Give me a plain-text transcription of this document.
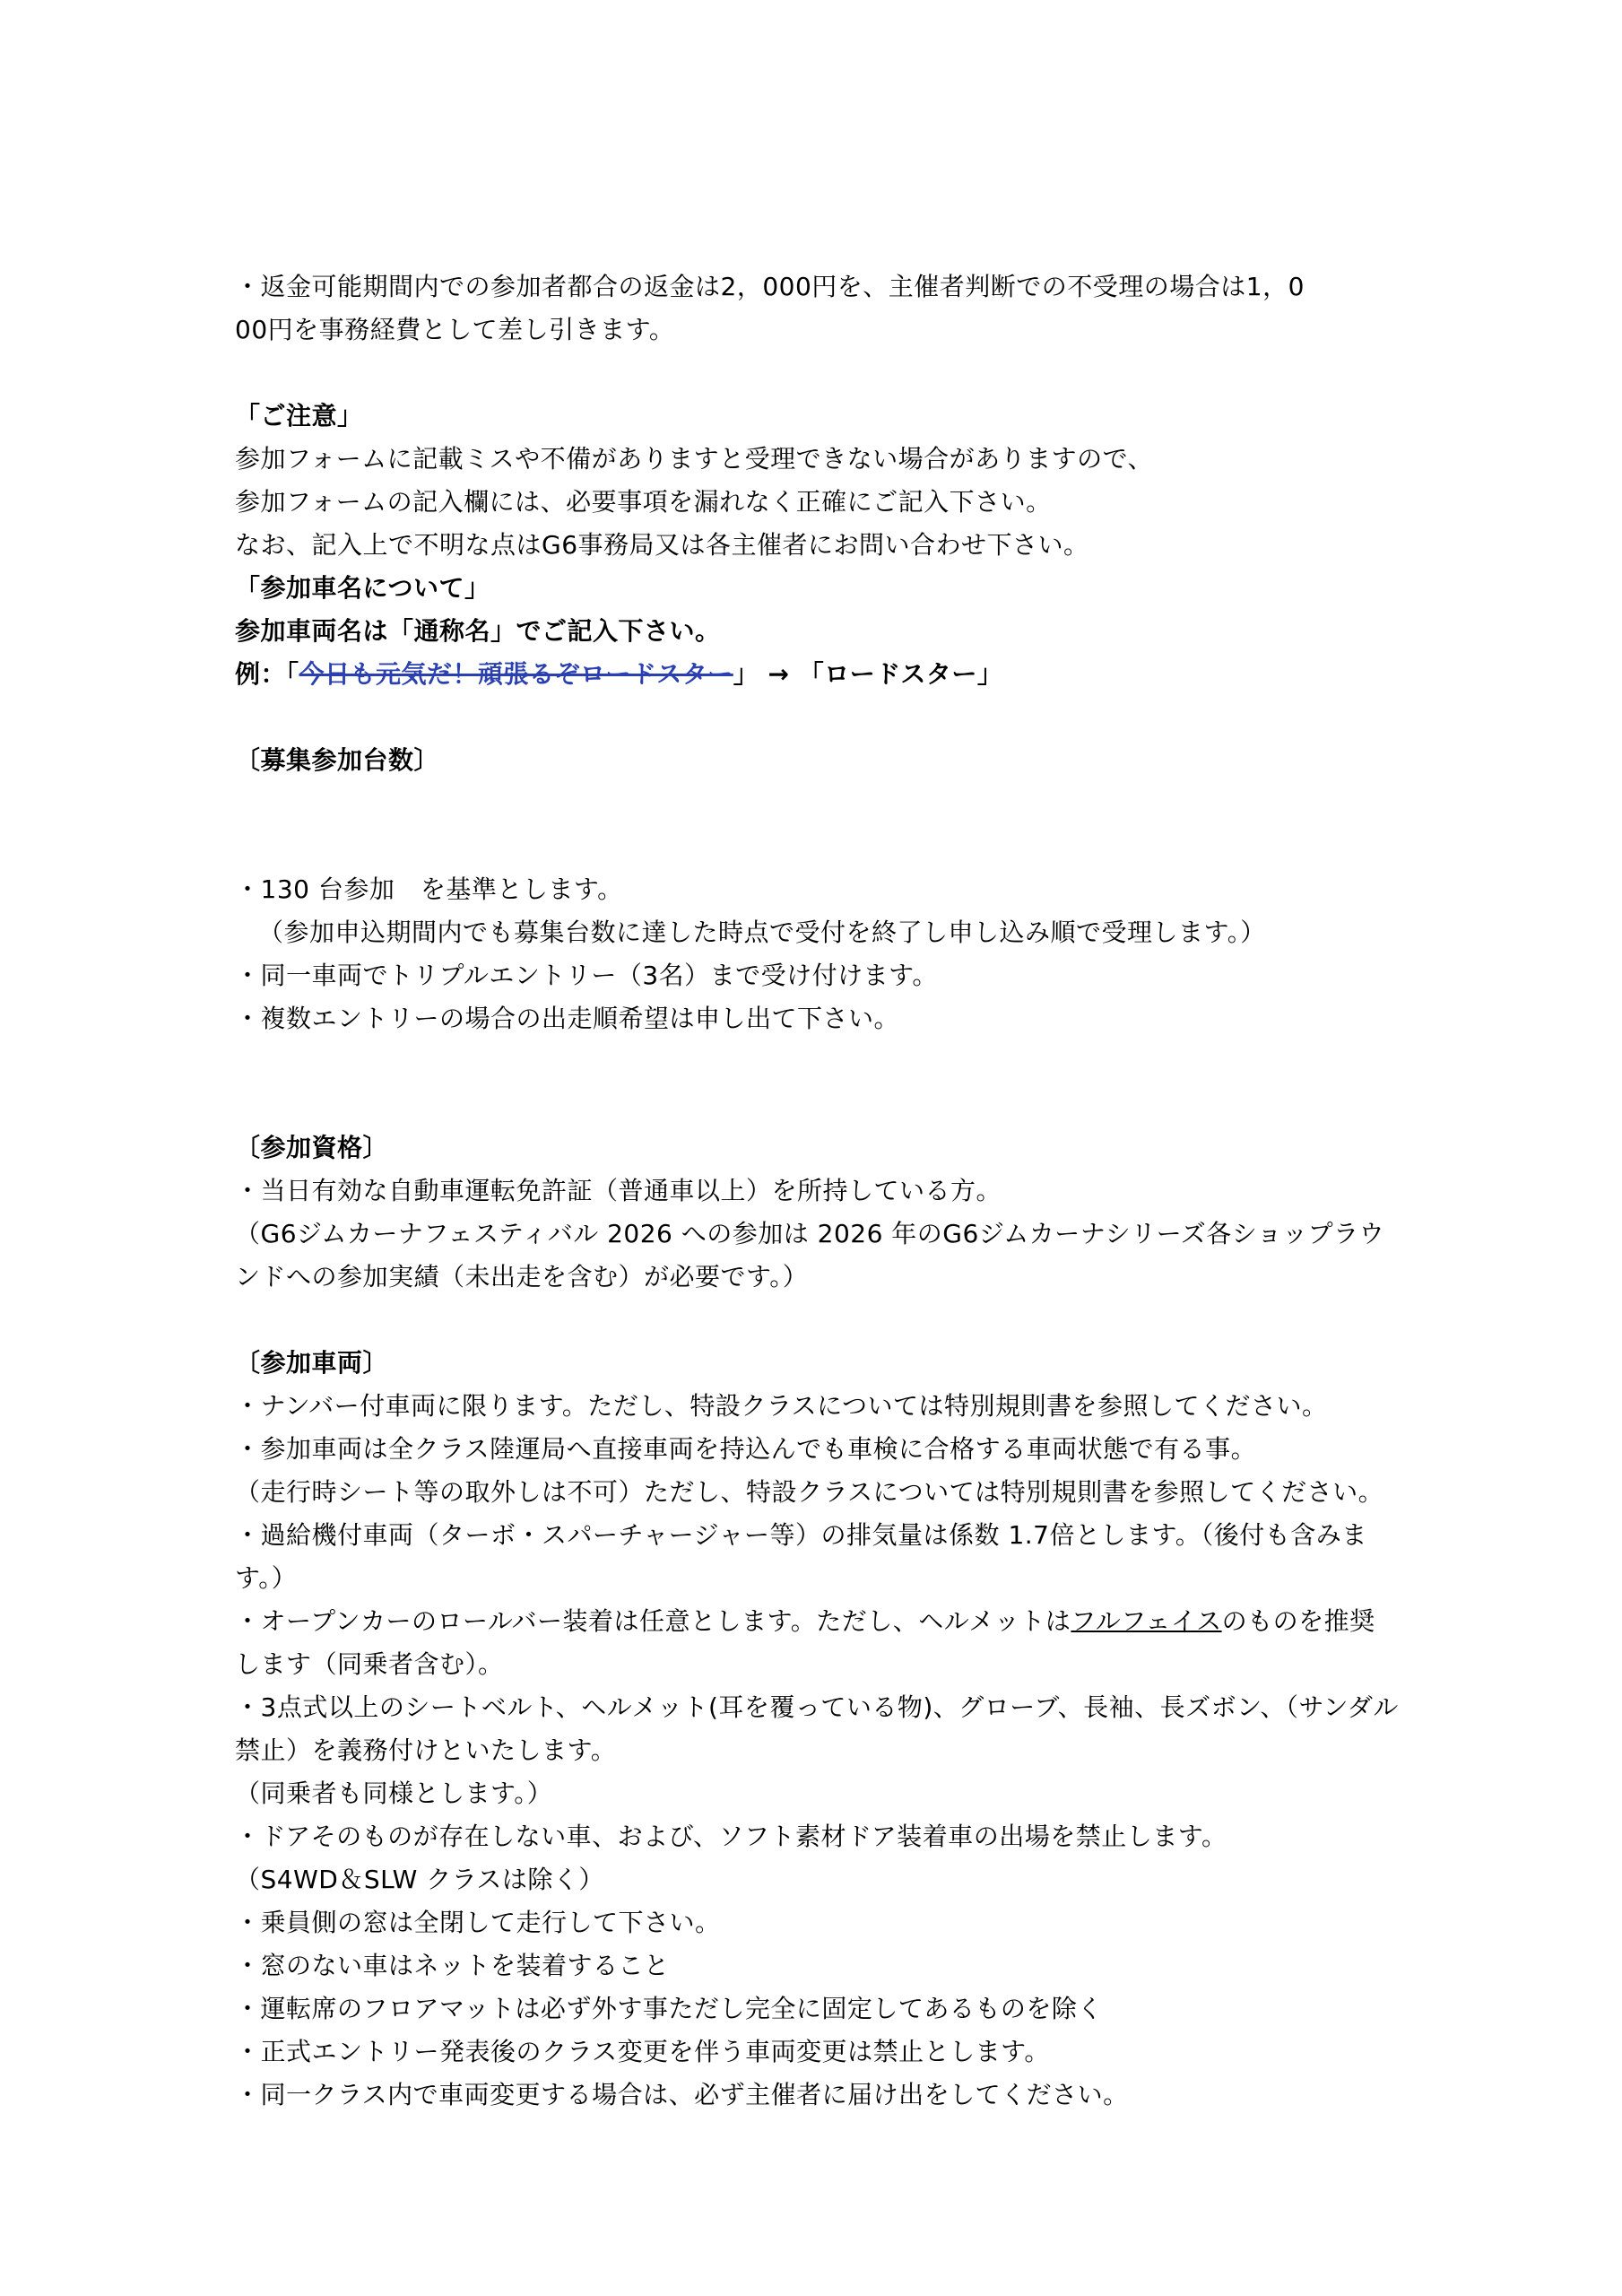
・返金可能期間内での参加者都合の返金は2，000円を、主催者判断での不受理の場合は1，0
00円を事務経費として差し引きます。
「ご注意」
参加フォームに記載ミスや不備がありますと受理できない場合がありますので、
参加フォームの記入欄には、必要事項を漏れなく正確にご記入下さい。
なお、記入上で不明な点はG6事務局又は各主催者にお問い合わせ下さい。
「参加車名について」
参加車両名は「通称名」でご記入下さい。
例：「今日も元気だ！頑張るぞロードスター」 → 「ロードスター」
〔募集参加台数〕
・130 台参加　を基準とします。
（参加申込期間内でも募集台数に達した時点で受付を終了し申し込み順で受理します。）
・同一車両でトリプルエントリー（3名）まで受け付けます。
・複数エントリーの場合の出走順希望は申し出て下さい。
〔参加資格〕
・当日有効な自動車運転免許証（普通車以上）を所持している方。
（G6ジムカーナフェスティバル 2026 への参加は 2026 年のG6ジムカーナシリーズ各ショップラウ
ンドへの参加実績（未出走を含む）が必要です。）
〔参加車両〕
・ナンバー付車両に限ります。ただし、特設クラスについては特別規則書を参照してください。
・参加車両は全クラス陸運局へ直接車両を持込んでも車検に合格する車両状態で有る事。
（走行時シート等の取外しは不可）ただし、特設クラスについては特別規則書を参照してください。
・過給機付車両（ターボ・スパーチャージャー等）の排気量は係数 1.7倍とします。（後付も含みま
す。）
・オープンカーのロールバー装着は任意とします。ただし、ヘルメットはフルフェイスのものを推奨
します（同乗者含む）。
・3点式以上のシートベルト、ヘルメット(耳を覆っている物)、グローブ、長袖、長ズボン、（サンダル
禁止）を義務付けといたします。
（同乗者も同様とします。）
・ドアそのものが存在しない車、および、ソフト素材ドア装着車の出場を禁止します。
（S4WD＆SLW クラスは除く）
・乗員側の窓は全閉して走行して下さい。
・窓のない車はネットを装着すること
・運転席のフロアマットは必ず外す事ただし完全に固定してあるものを除く
・正式エントリー発表後のクラス変更を伴う車両変更は禁止とします。
・同一クラス内で車両変更する場合は、必ず主催者に届け出をしてください。
